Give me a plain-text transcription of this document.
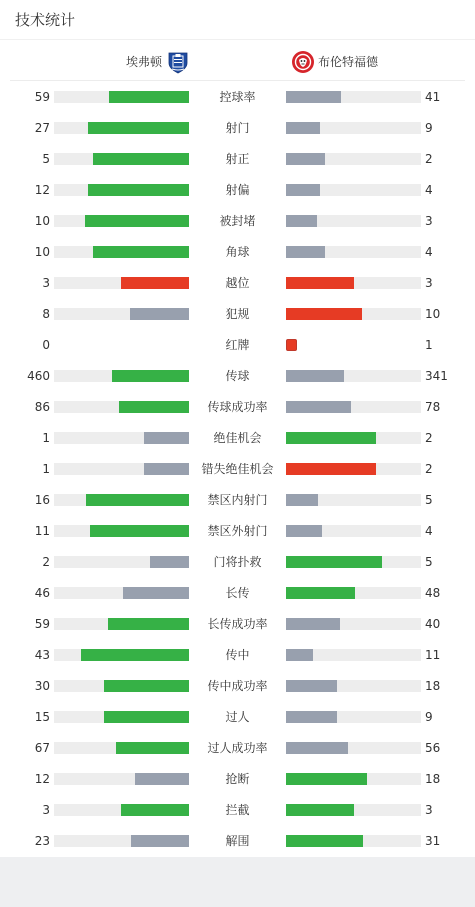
技术统计
埃弗顿	布伦特福德
59	控球率	41
27	射门	9
5	射正	2
12	射偏	4
10	被封堵	3
10	角球	4
3	越位	3
8	犯规	10
0	红牌	1
460	传球	341
86	传球成功率	78
1	绝佳机会	2
1	错失绝佳机会	2
16	禁区内射门	5
11	禁区外射门	4
2	门将扑救	5
46	长传	48
59	长传成功率	40
43	传中	11
30	传中成功率	18
15	过人	9
67	过人成功率	56
12	抢断	18
3	拦截	3
23	解围	31
